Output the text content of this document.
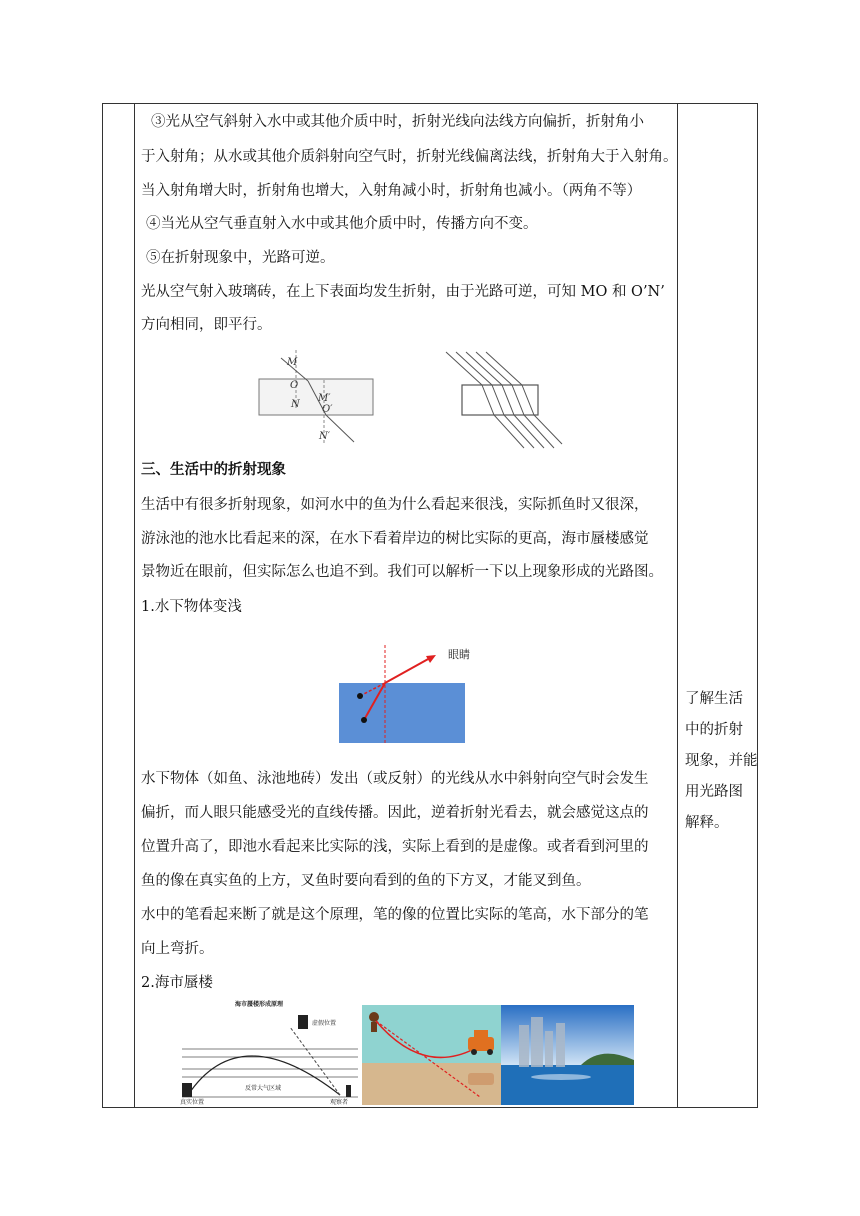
③光从空气斜射入水中或其他介质中时，折射光线向法线方向偏折，折射角小
于入射角；从水或其他介质斜射向空气时，折射光线偏离法线，折射角大于入射角。
当入射角增大时，折射角也增大，入射角减小时，折射角也减小。（两角不等）
④当光从空气垂直射入水中或其他介质中时，传播方向不变。
⑤在折射现象中，光路可逆。
光从空气射入玻璃砖，在上下表面均发生折射，由于光路可逆，可知 MO 和 O’N’
方向相同，即平行。
三、生活中的折射现象
生活中有很多折射现象，如河水中的鱼为什么看起来很浅，实际抓鱼时又很深，
游泳池的池水比看起来的深，在水下看着岸边的树比实际的更高，海市蜃楼感觉
景物近在眼前，但实际怎么也追不到。我们可以解析一下以上现象形成的光路图。
1.水下物体变浅
水下物体（如鱼、泳池地砖）发出（或反射）的光线从水中斜射向空气时会发生
偏折，而人眼只能感受光的直线传播。因此，逆着折射光看去，就会感觉这点的
位置升高了，即池水看起来比实际的浅，实际上看到的是虚像。或者看到河里的
鱼的像在真实鱼的上方，叉鱼时要向看到的鱼的下方叉，才能叉到鱼。
水中的笔看起来断了就是这个原理，笔的像的位置比实际的笔高，水下部分的笔
向上弯折。
2.海市蜃楼
了解生活
中的折射
现象，并能
用光路图
解释。
M
O
N
M′
O′
N′
眼睛
海市蜃楼形成原理
虚假位置
反常大气区域
真实位置	观察者
